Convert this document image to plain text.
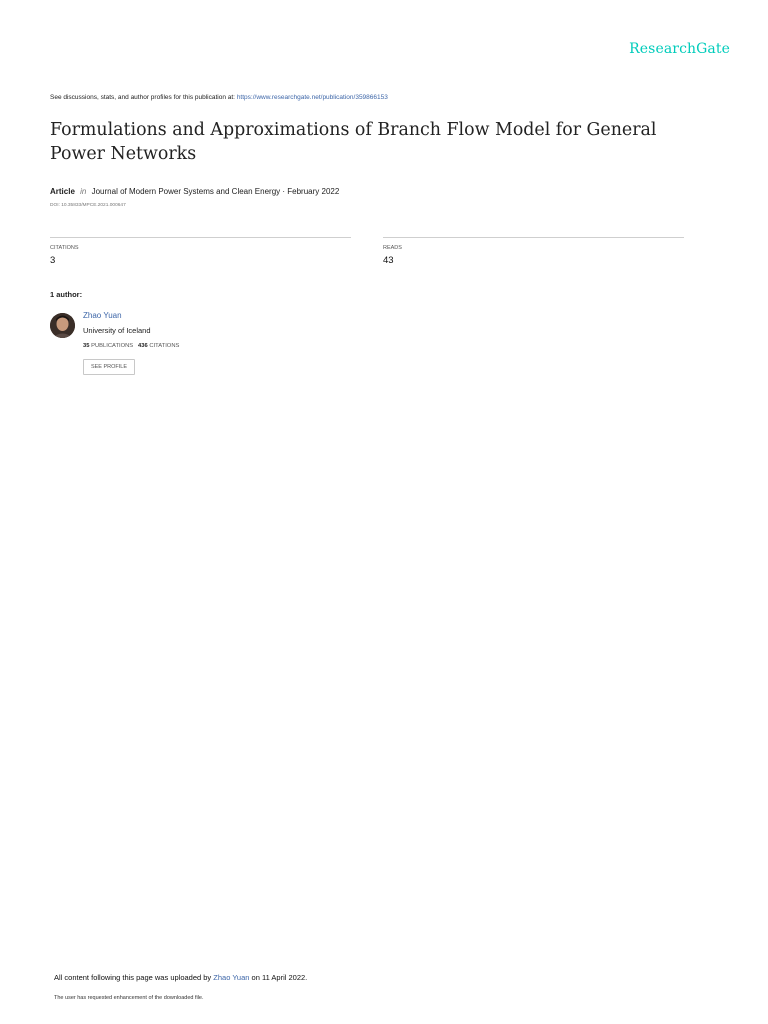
ResearchGate
See discussions, stats, and author profiles for this publication at: https://www.researchgate.net/publication/359866153
Formulations and Approximations of Branch Flow Model for General Power Networks
Article in Journal of Modern Power Systems and Clean Energy · February 2022
DOI: 10.35833/MPCE.2021.000647
CITATIONS
3
READS
43
1 author:
Zhao Yuan
University of Iceland
35 PUBLICATIONS 436 CITATIONS
SEE PROFILE
All content following this page was uploaded by Zhao Yuan on 11 April 2022.
The user has requested enhancement of the downloaded file.
